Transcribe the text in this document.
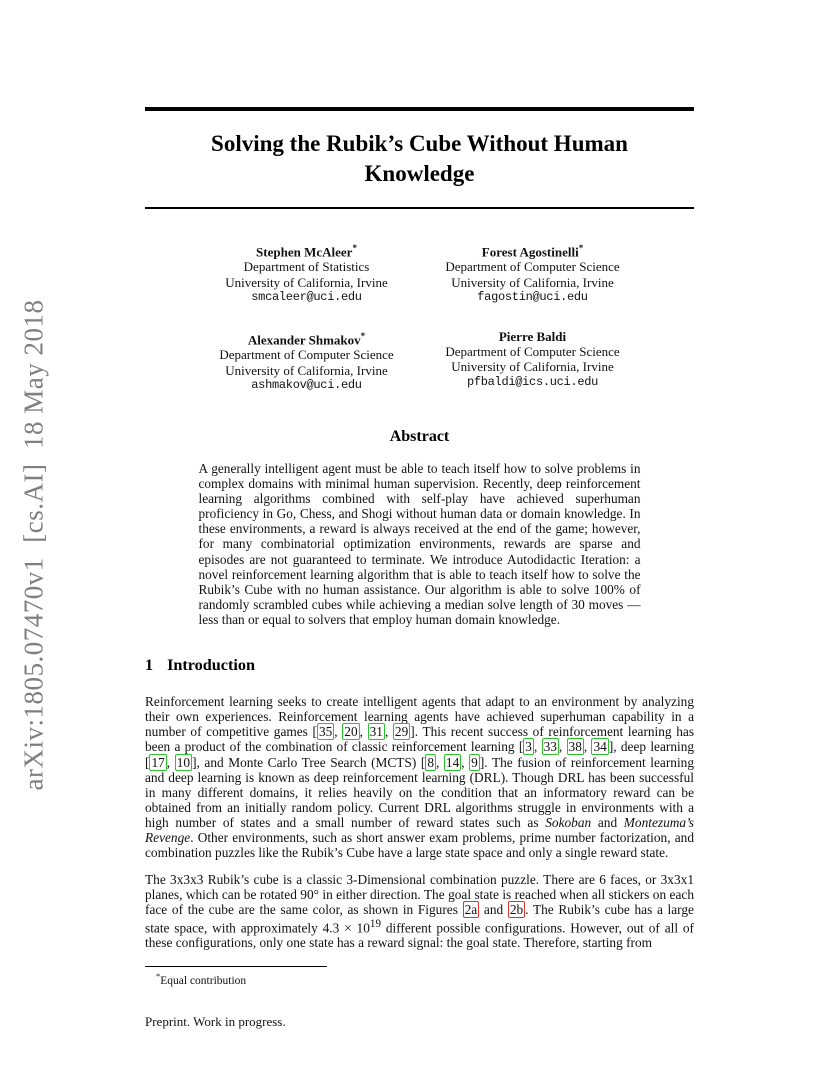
arXiv:1805.07470v1  [cs.AI]  18 May 2018
Solving the Rubik’s Cube Without Human Knowledge
Stephen McAleer*
Department of Statistics
University of California, Irvine
smcaleer@uci.edu
Forest Agostinelli*
Department of Computer Science
University of California, Irvine
fagostin@uci.edu
Alexander Shmakov*
Department of Computer Science
University of California, Irvine
ashmakov@uci.edu
Pierre Baldi
Department of Computer Science
University of California, Irvine
pfbaldi@ics.uci.edu
Abstract

A generally intelligent agent must be able to teach itself how to solve problems in complex domains with minimal human supervision. Recently, deep reinforcement learning algorithms combined with self-play have achieved superhuman proficiency in Go, Chess, and Shogi without human data or domain knowledge. In these environments, a reward is always received at the end of the game; however, for many combinatorial optimization environments, rewards are sparse and episodes are not guaranteed to terminate. We introduce Autodidactic Iteration: a novel reinforcement learning algorithm that is able to teach itself how to solve the Rubik’s Cube with no human assistance. Our algorithm is able to solve 100% of randomly scrambled cubes while achieving a median solve length of 30 moves — less than or equal to solvers that employ human domain knowledge.

1 Introduction

Reinforcement learning seeks to create intelligent agents that adapt to an environment by analyzing their own experiences. Reinforcement learning agents have achieved superhuman capability in a number of competitive games [ 35 , 20 , 31 , 29 ]. This recent success of reinforcement learning has been a product of the combination of classic reinforcement learning [ 3 , 33 , 38 , 34 ], deep learning [ 17 , 10 ], and Monte Carlo Tree Search (MCTS) [ 8 , 14 , 9 ]. The fusion of reinforcement learning and deep learning is known as deep reinforcement learning (DRL). Though DRL has been successful in many different domains, it relies heavily on the condition that an informatory reward can be obtained from an initially random policy. Current DRL algorithms struggle in environments with a high number of states and a small number of reward states such as Sokoban and Montezuma’s Revenge. Other environments, such as short answer exam problems, prime number factorization, and combination puzzles like the Rubik’s Cube have a large state space and only a single reward state.

The 3x3x3 Rubik’s cube is a classic 3-Dimensional combination puzzle. There are 6 faces, or 3x3x1 planes, which can be rotated 90° in either direction. The goal state is reached when all stickers on each face of the cube are the same color, as shown in Figures 2a and 2b . The Rubik’s cube has a large state space, with approximately $4.3 \times 10^{19}$ different possible configurations. However, out of all of these configurations, only one state has a reward signal: the goal state. Therefore, starting from

*Equal contribution

Preprint. Work in progress.
